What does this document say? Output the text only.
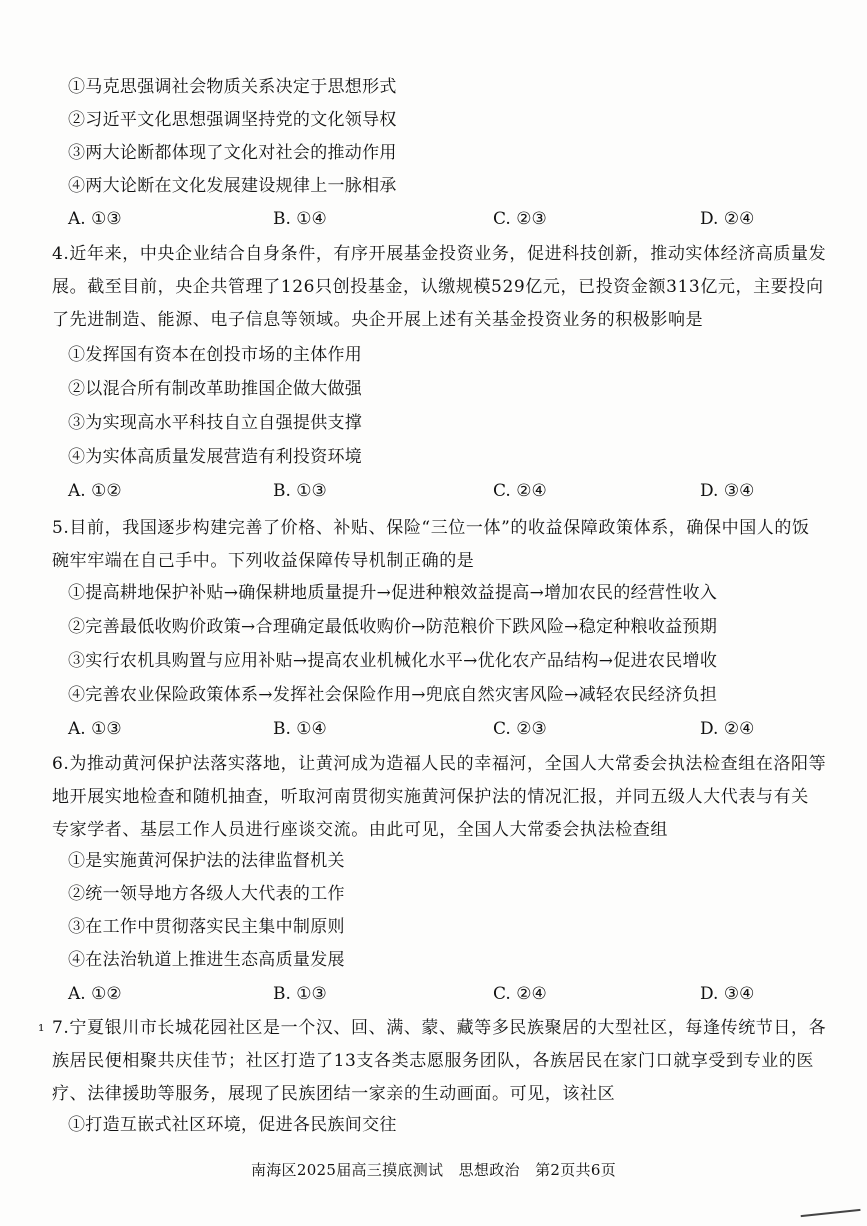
①马克思强调社会物质关系决定于思想形式
②习近平文化思想强调坚持党的文化领导权
③两大论断都体现了文化对社会的推动作用
④两大论断在文化发展建设规律上一脉相承
A. ①③	B. ①④	C. ②③	D. ②④
4.近年来，中央企业结合自身条件，有序开展基金投资业务，促进科技创新，推动实体经济高质量发
展。截至目前，央企共管理了126只创投基金，认缴规模529亿元，已投资金额313亿元，主要投向
了先进制造、能源、电子信息等领域。央企开展上述有关基金投资业务的积极影响是
①发挥国有资本在创投市场的主体作用
②以混合所有制改革助推国企做大做强
③为实现高水平科技自立自强提供支撑
④为实体高质量发展营造有利投资环境
A. ①②	B. ①③	C. ②④	D. ③④
5.目前，我国逐步构建完善了价格、补贴、保险“三位一体”的收益保障政策体系，确保中国人的饭
碗牢牢端在自己手中。下列收益保障传导机制正确的是
①提高耕地保护补贴→确保耕地质量提升→促进种粮效益提高→增加农民的经营性收入
②完善最低收购价政策→合理确定最低收购价→防范粮价下跌风险→稳定种粮收益预期
③实行农机具购置与应用补贴→提高农业机械化水平→优化农产品结构→促进农民增收
④完善农业保险政策体系→发挥社会保险作用→兜底自然灾害风险→减轻农民经济负担
A. ①③	B. ①④	C. ②③	D. ②④
6.为推动黄河保护法落实落地，让黄河成为造福人民的幸福河，全国人大常委会执法检查组在洛阳等
地开展实地检查和随机抽查，听取河南贯彻实施黄河保护法的情况汇报，并同五级人大代表与有关
专家学者、基层工作人员进行座谈交流。由此可见，全国人大常委会执法检查组
①是实施黄河保护法的法律监督机关
②统一领导地方各级人大代表的工作
③在工作中贯彻落实民主集中制原则
④在法治轨道上推进生态高质量发展
A. ①②	B. ①③	C. ②④	D. ③④
¹ 7.宁夏银川市长城花园社区是一个汉、回、满、蒙、藏等多民族聚居的大型社区，每逢传统节日，各
族居民便相聚共庆佳节；社区打造了13支各类志愿服务团队，各族居民在家门口就享受到专业的医
疗、法律援助等服务，展现了民族团结一家亲的生动画面。可见，该社区
①打造互嵌式社区环境，促进各民族间交往
南海区2025届高三摸底测试　思想政治　第2页共6页
